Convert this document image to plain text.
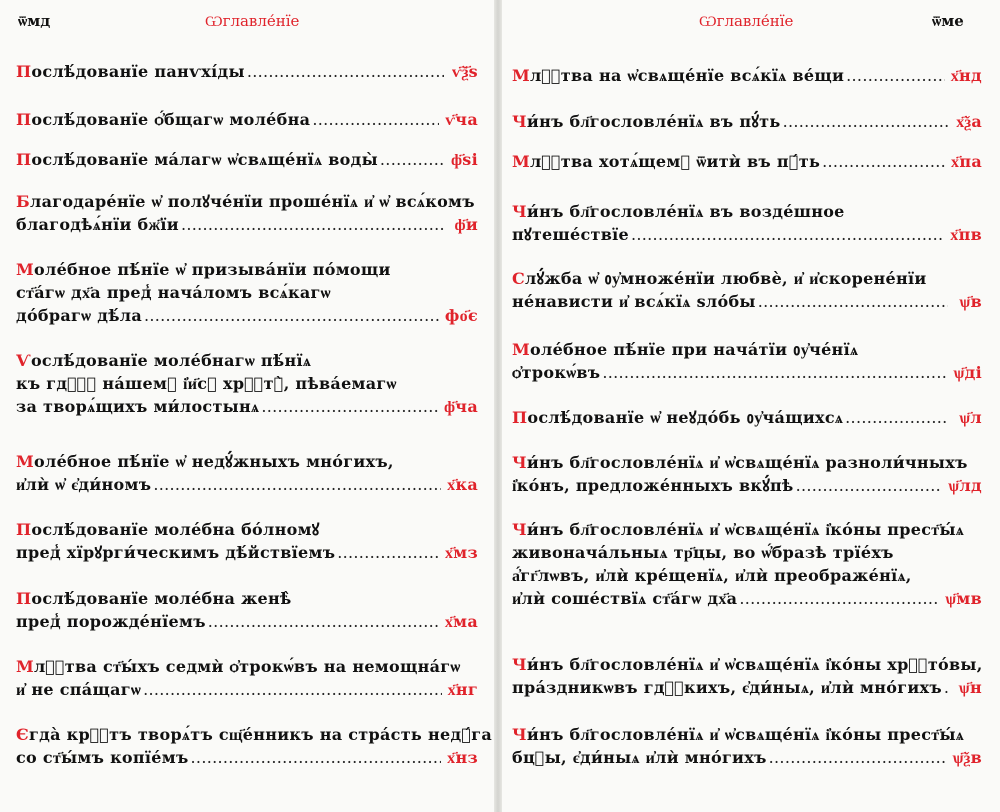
ѿмд	Ѡглавле́нїе
Послѣ́дованїе панѵхі́ды .....	ѵ҃ѯ҃ѕ
Послѣ́дованїе ѻ҆́бщагѡ моле́бна .....	ѵ҃ча
Послѣ́дованїе ма́лагѡ ѡ҆свѧще́нїѧ воды̀ .....	ф҃ѕі
Благодаре́нїе ѡ҆ полꙋче́нїи проше́нїѧ и҆ ѡ҆ всѧ́комъ
благодѣѧ́нїи бж҃їи .....	ф҃и
Моле́бное пѣ́нїе ѡ҆ призыва́нїи по́мощи
ст҃а́гѡ дх҃а пред̾ нача́ломъ всѧ́кагѡ
до́брагѡ дѣ́ла .....	фо҃є
Ѵослѣ́дованїе моле́бнагѡ пѣ́нїѧ
къ гдⷭ҇ꙋ на́шемꙋ і҆и҃сꙋ хрⷭ҇тꙋ̀, пѣва́емагѡ
за творѧ́щихъ ми́лостынѧ .....	ф҃ча
Моле́бное пѣ́нїе ѡ҆ недꙋ́жныхъ мно́гихъ,
и҆лѝ ѡ҆ є҆ди́номъ .....	х҃ка
Послѣ́дованїе моле́бна бо́лномꙋ
пред̾ хїрꙋрги́ческимъ дѣ́йствїемъ .....	х҃мз
Послѣ́дованїе моле́бна женѣ̀
пред̾ порожде́нїемъ .....	х҃ма
Млⷭ҇тва ст҃ы́хъ седмѝ ѻ҆трокѡ́въ на немощна́гѡ
и҆ не спа́щагѡ .....	х҃нг
Єгда̀ крⷭ҇тъ творѧ́тъ сщ҃е́нникъ на стра́сть недꙋ́га
со ст҃ы́мъ копїе́мъ .....	х҃нз
Ѡглавле́нїе	ѿме
Млⷭ҇тва на ѡ҆свѧще́нїе всѧ́кїѧ ве́щи .....	х҃нд
Чи́нъ бл҃гословле́нїѧ въ пꙋ́ть .....	х҃ѯа
Млⷭ҇тва хотѧ́щемꙋ ѿитѝ въ пꙋ́ть .....	х҃па
Чи́нъ бл҃гословле́нїѧ въ возде́шное
пꙋтеше́ствїе .....	х҃пв
Слꙋ́жба ѡ҆ ᲂу҆множе́нїи любвѐ, и҆ и҆скорене́нїи
не́нависти и҆ всѧ́кїѧ ѕло́бы .....	ѱ҃в
Моле́бное пѣ́нїе при нача́тїи ᲂу҆че́нїѧ
ѻ҆трокѡ́въ .....	ѱ҃ді
Послѣ́дованїе ѡ҆ неꙋдо́бь ᲂу҆ча́щихсѧ .....	ѱ҃л
Чи́нъ бл҃гословле́нїѧ и҆ ѡ҆свѧще́нїѧ разноли́чныхъ
і҆ко́нъ, предложе́нныхъ вкꙋ́пѣ .....	ѱ҃лд
Чи́нъ бл҃гословле́нїѧ и҆ ѡ҆свѧще́нїѧ і҆ко́ны прест҃ы́ѧ
живонача́льныѧ тр҃цы, во ѡ҆́бразѣ трїе́хъ
а҆́гг҃лѡвъ, и҆лѝ кре́щенїѧ, и҆лѝ преображе́нїѧ,
и҆лѝ соше́ствїѧ ст҃а́гѡ дх҃а .....	ѱ҃мв
Чи́нъ бл҃гословле́нїѧ и҆ ѡ҆свѧще́нїѧ і҆ко́ны хрⷭ҇то́вы,
пра́здникѡвъ гдⷭ҇кихъ, є҆ди́ныѧ, и҆лѝ мно́гихъ ..... ѱ҃н
Чи́нъ бл҃гословле́нїѧ и҆ ѡ҆свѧще́нїѧ і҆ко́ны прест҃ы́ѧ
бцⷣы, є҆ди́ныѧ и҆лѝ мно́гихъ .....	ѱ҃ѯв
